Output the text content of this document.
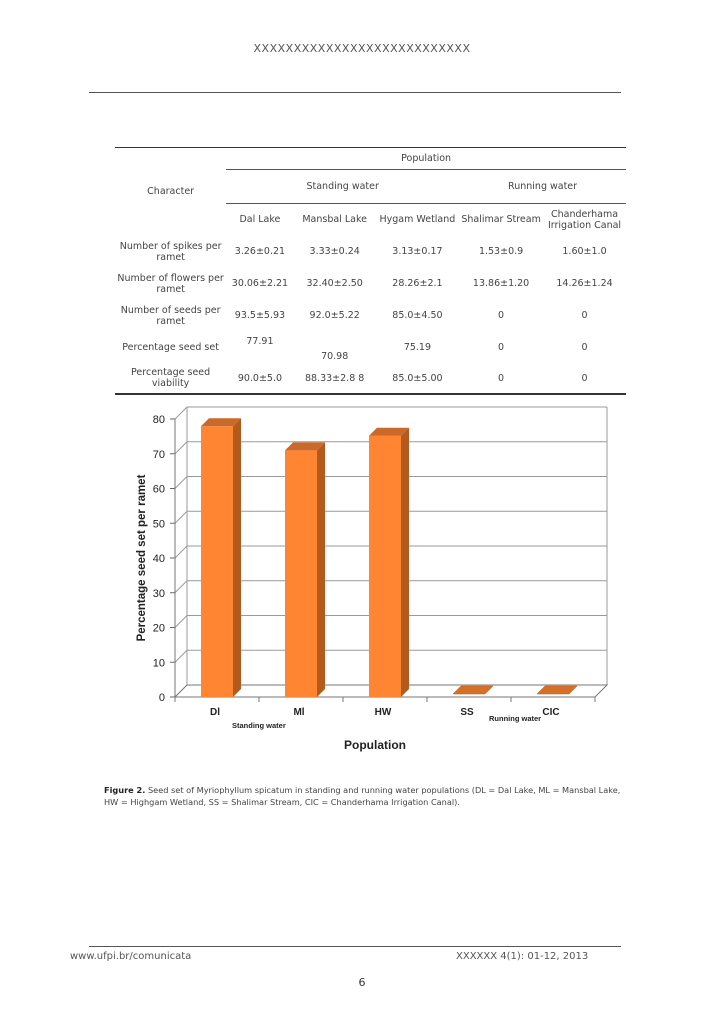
XXXXXXXXXXXXXXXXXXXXXXXXXXX
Character	Population				
	Standing water			Running water	
	Dal Lake	Mansbal Lake	Hygam Wetland	Shalimar Stream	Chanderhama Irrigation Canal
Number of spikes per ramet	3.26±0.21	3.33±0.24	3.13±0.17	1.53±0.9	1.60±1.0
Number of flowers per ramet	30.06±2.21	32.40±2.50	28.26±2.1	13.86±1.20	14.26±1.24
Number of seeds per ramet	93.5±5.93	92.0±5.22	85.0±4.50	0	0
Percentage seed set	77.91	70.98	75.19	0	0
Percentage seed viability	90.0±5.0	88.33±2.8 8	85.0±5.00	0	0
0
10
20
30
40
50
60
70
80
Dl	Ml	HW	SS	CIC
Standing water
Running water
Population
Percentage seed set per ramet
Figure 2. Seed set of Myriophyllum spicatum in standing and running water populations (DL = Dal Lake, ML = Mansbal Lake, HW = Highgam Wetland, SS = Shalimar Stream, CIC = Chanderhama Irrigation Canal).
www.ufpi.br/comunicata	XXXXXX 4(1): 01-12, 2013
6
